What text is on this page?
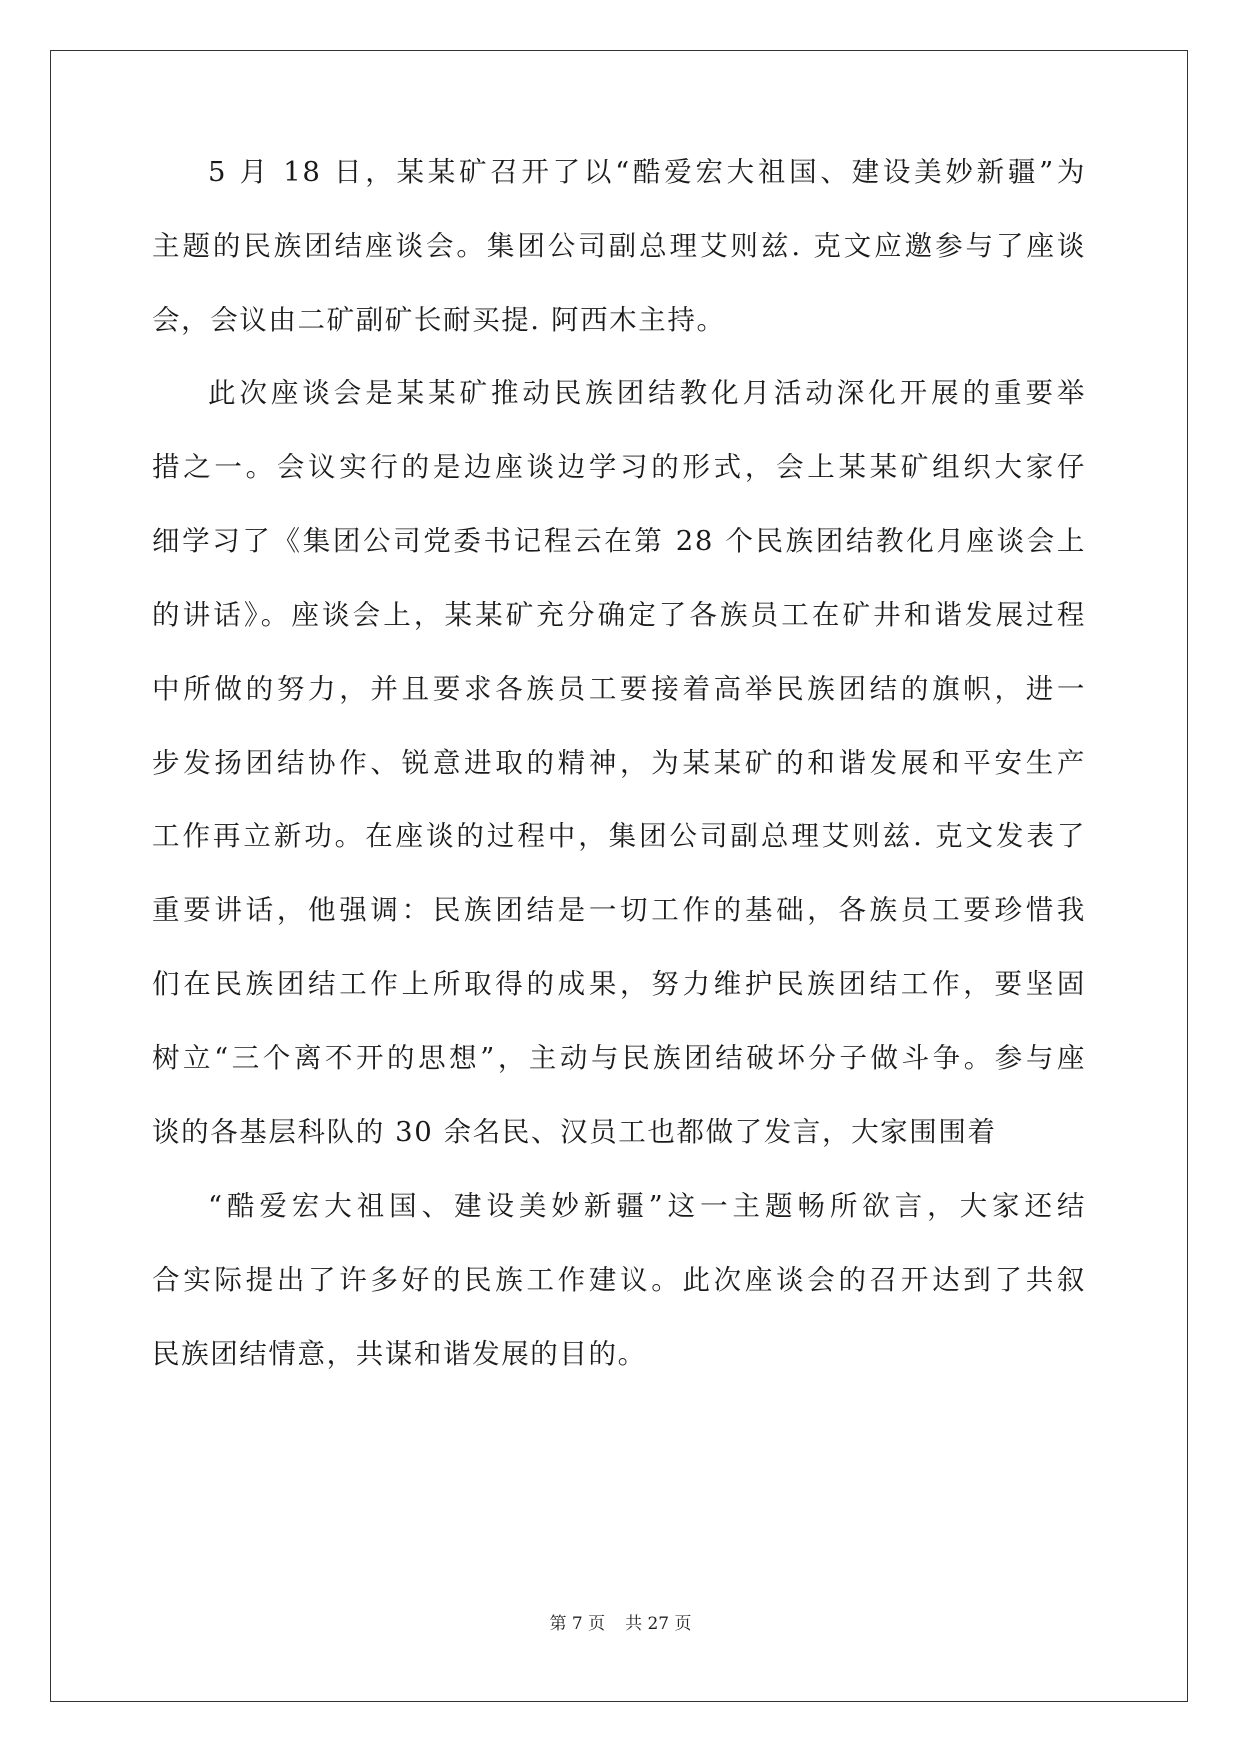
5 月 18 日，某某矿召开了以“酷爱宏大祖国、建设美妙新疆”为
主题的民族团结座谈会。集团公司副总理艾则兹. 克文应邀参与了座谈
会，会议由二矿副矿长耐买提. 阿西木主持。
此次座谈会是某某矿推动民族团结教化月活动深化开展的重要举
措之一。会议实行的是边座谈边学习的形式，会上某某矿组织大家仔
细学习了《集团公司党委书记程云在第 28 个民族团结教化月座谈会上
的讲话》。座谈会上，某某矿充分确定了各族员工在矿井和谐发展过程
中所做的努力，并且要求各族员工要接着高举民族团结的旗帜，进一
步发扬团结协作、锐意进取的精神，为某某矿的和谐发展和平安生产
工作再立新功。在座谈的过程中，集团公司副总理艾则兹. 克文发表了
重要讲话，他强调：民族团结是一切工作的基础，各族员工要珍惜我
们在民族团结工作上所取得的成果，努力维护民族团结工作，要坚固
树立“三个离不开的思想”，主动与民族团结破坏分子做斗争。参与座
谈的各基层科队的 30 余名民、汉员工也都做了发言，大家围围着
“酷爱宏大祖国、建设美妙新疆”这一主题畅所欲言，大家还结
合实际提出了许多好的民族工作建议。此次座谈会的召开达到了共叙
民族团结情意，共谋和谐发展的目的。
第 7 页 共 27 页
